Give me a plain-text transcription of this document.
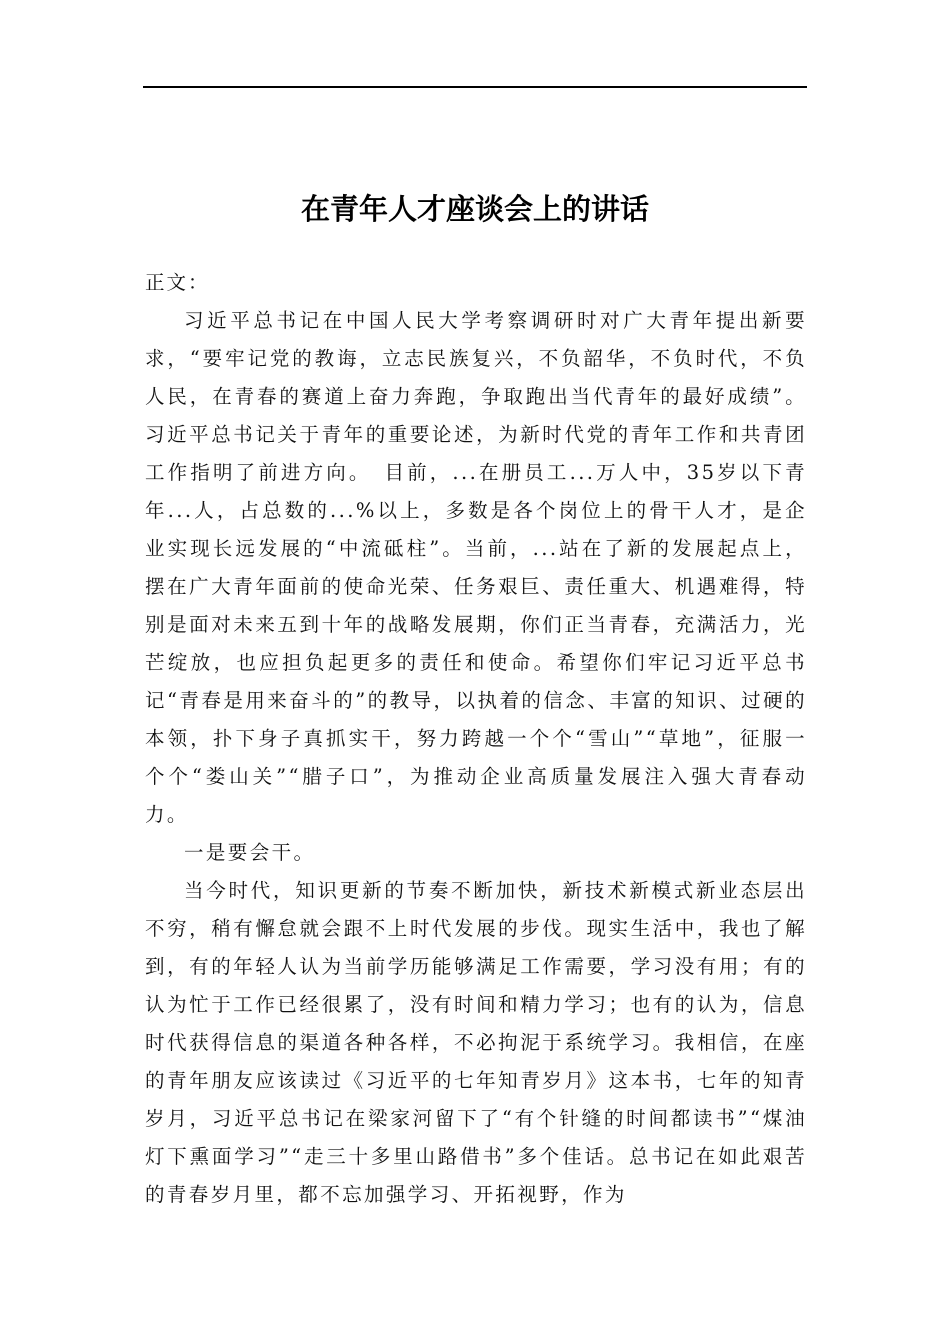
在青年人才座谈会上的讲话

正文：

习近平总书记在中国人民大学考察调研时对广大青年提出新要求，“要牢记党的教诲，立志民族复兴，不负韶华，不负时代，不负人民，在青春的赛道上奋力奔跑，争取跑出当代青年的最好成绩”。习近平总书记关于青年的重要论述，为新时代党的青年工作和共青团工作指明了前进方向。　目前，...在册员工...万人中，35岁以下青年...人，占总数的...%以上，多数是各个岗位上的骨干人才，是企业实现长远发展的“中流砥柱”。当前，...站在了新的发展起点上，摆在广大青年面前的使命光荣、任务艰巨、责任重大、机遇难得，特别是面对未来五到十年的战略发展期，你们正当青春，充满活力，光芒绽放，也应担负起更多的责任和使命。希望你们牢记习近平总书记“青春是用来奋斗的”的教导，以执着的信念、丰富的知识、过硬的本领，扑下身子真抓实干，努力跨越一个个“雪山”“草地”，征服一个个“娄山关”“腊子口”，为推动企业高质量发展注入强大青春动力。

一是要会干。

当今时代，知识更新的节奏不断加快，新技术新模式新业态层出不穷，稍有懈怠就会跟不上时代发展的步伐。现实生活中，我也了解到，有的年轻人认为当前学历能够满足工作需要，学习没有用；有的认为忙于工作已经很累了，没有时间和精力学习；也有的认为，信息时代获得信息的渠道各种各样，不必拘泥于系统学习。我相信，在座的青年朋友应该读过《习近平的七年知青岁月》这本书，七年的知青岁月，习近平总书记在梁家河留下了“有个针缝的时间都读书”“煤油灯下熏面学习”“走三十多里山路借书”多个佳话。总书记在如此艰苦的青春岁月里，都不忘加强学习、开拓视野，作为
